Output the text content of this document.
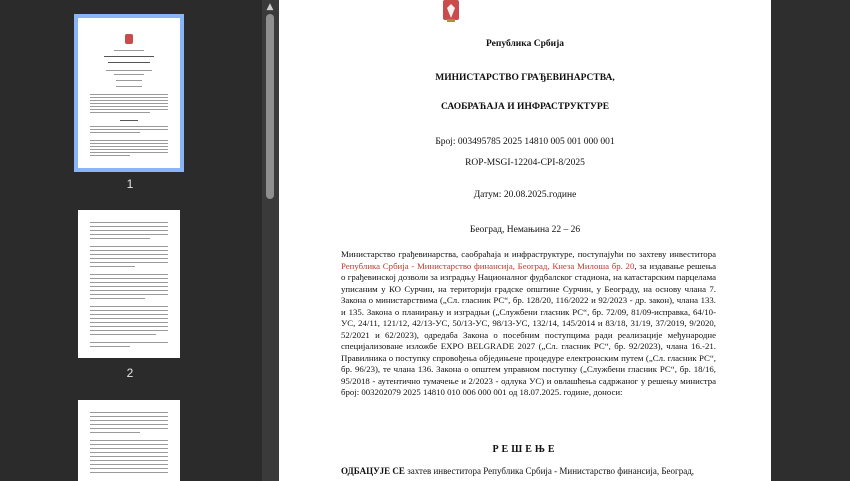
1
2
▲
Република Србија
МИНИСТАРСТВО ГРАЂЕВИНАРСТВА,
САОБРАЋАЈА И ИНФРАСТРУКТУРЕ
Број: 003495785 2025 14810 005 001 000 001
ROP-MSGI-12204-CPI-8/2025
Датум: 20.08.2025.године
Београд, Немањина 22 – 26
Министарство грађевинарства, саобраћаја и инфраструктуре, поступајући по захтеву инвеститора Република Србија - Министарство финансија, Београд, Кнеза Милоша бр. 20, за издавање решења о грађевинској дозволи за изградњу Националног фудбалског стадиона, на катастарским парцелама уписаним у КО Сурчин, на територији градске општине Сурчин, у Београду, на основу члана 7. Закона о министарствима („Сл. гласник РС“, бр. 128/20, 116/2022 и 92/2023 - др. закон), члана 133. и 135. Закона о планирању и изградњи („Службени гласник РС“, бр. 72/09, 81/09-исправка, 64/10-УС, 24/11, 121/12, 42/13-УС, 50/13-УС, 98/13-УС, 132/14, 145/2014 и 83/18, 31/19, 37/2019, 9/2020, 52/2021 и 62/2023), одредаба Закона о посебним поступцима ради реализације међународне специјализоване изложбе EXPO BELGRADE 2027 („Сл. гласник РС“, бр. 92/2023), члана 16.-21. Правилника о поступку спровођења обједињене процедуре електронским путем („Сл. гласник РС“, бр. 96/23), те члана 136. Закона о општем управном поступку („Службени гласник РС“, бр. 18/16, 95/2018 - аутентично тумачење и 2/2023 - одлука УС) и овлашћења садржаног у решењу министра број: 003202079 2025 14810 010 006 000 001 од 18.07.2025. године, доноси:
РЕШЕЊЕ
ОДБАЦУЈЕ СЕ захтев инвеститора Република Србија - Министарство финансија, Београд,
